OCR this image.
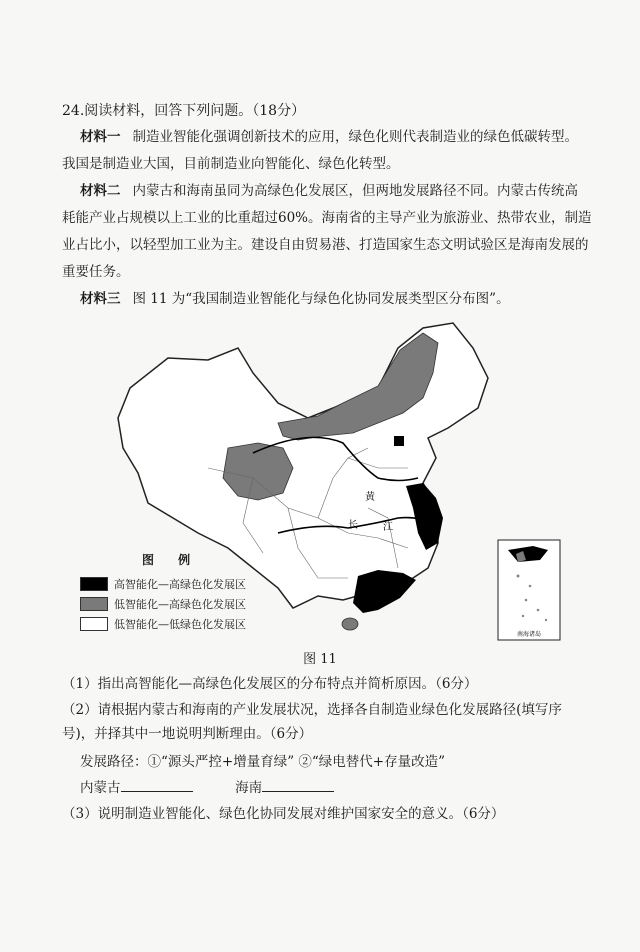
24.阅读材料，回答下列问题。（18分）
材料一 制造业智能化强调创新技术的应用，绿色化则代表制造业的绿色低碳转型。
我国是制造业大国，目前制造业向智能化、绿色化转型。
材料二 内蒙古和海南虽同为高绿色化发展区，但两地发展路径不同。内蒙古传统高
耗能产业占规模以上工业的比重超过60%。海南省的主导产业为旅游业、热带农业，制造
业占比小，以轻型加工业为主。建设自由贸易港、打造国家生态文明试验区是海南发展的
重要任务。
材料三 图 11 为“我国制造业智能化与绿色化协同发展类型区分布图”。
黄
长	江
南海诸岛
图 例
高智能化—高绿色化发展区
低智能化—高绿色化发展区
低智能化—低绿色化发展区
图 11
（1）指出高智能化—高绿色化发展区的分布特点并简析原因。（6分）
（2）请根据内蒙古和海南的产业发展状况，选择各自制造业绿色化发展路径(填写序
号)，并择其中一地说明判断理由。（6分）
发展路径：①“源头严控+增量育绿” ②“绿电替代+存量改造”
内蒙古	海南
（3）说明制造业智能化、绿色化协同发展对维护国家安全的意义。（6分）
